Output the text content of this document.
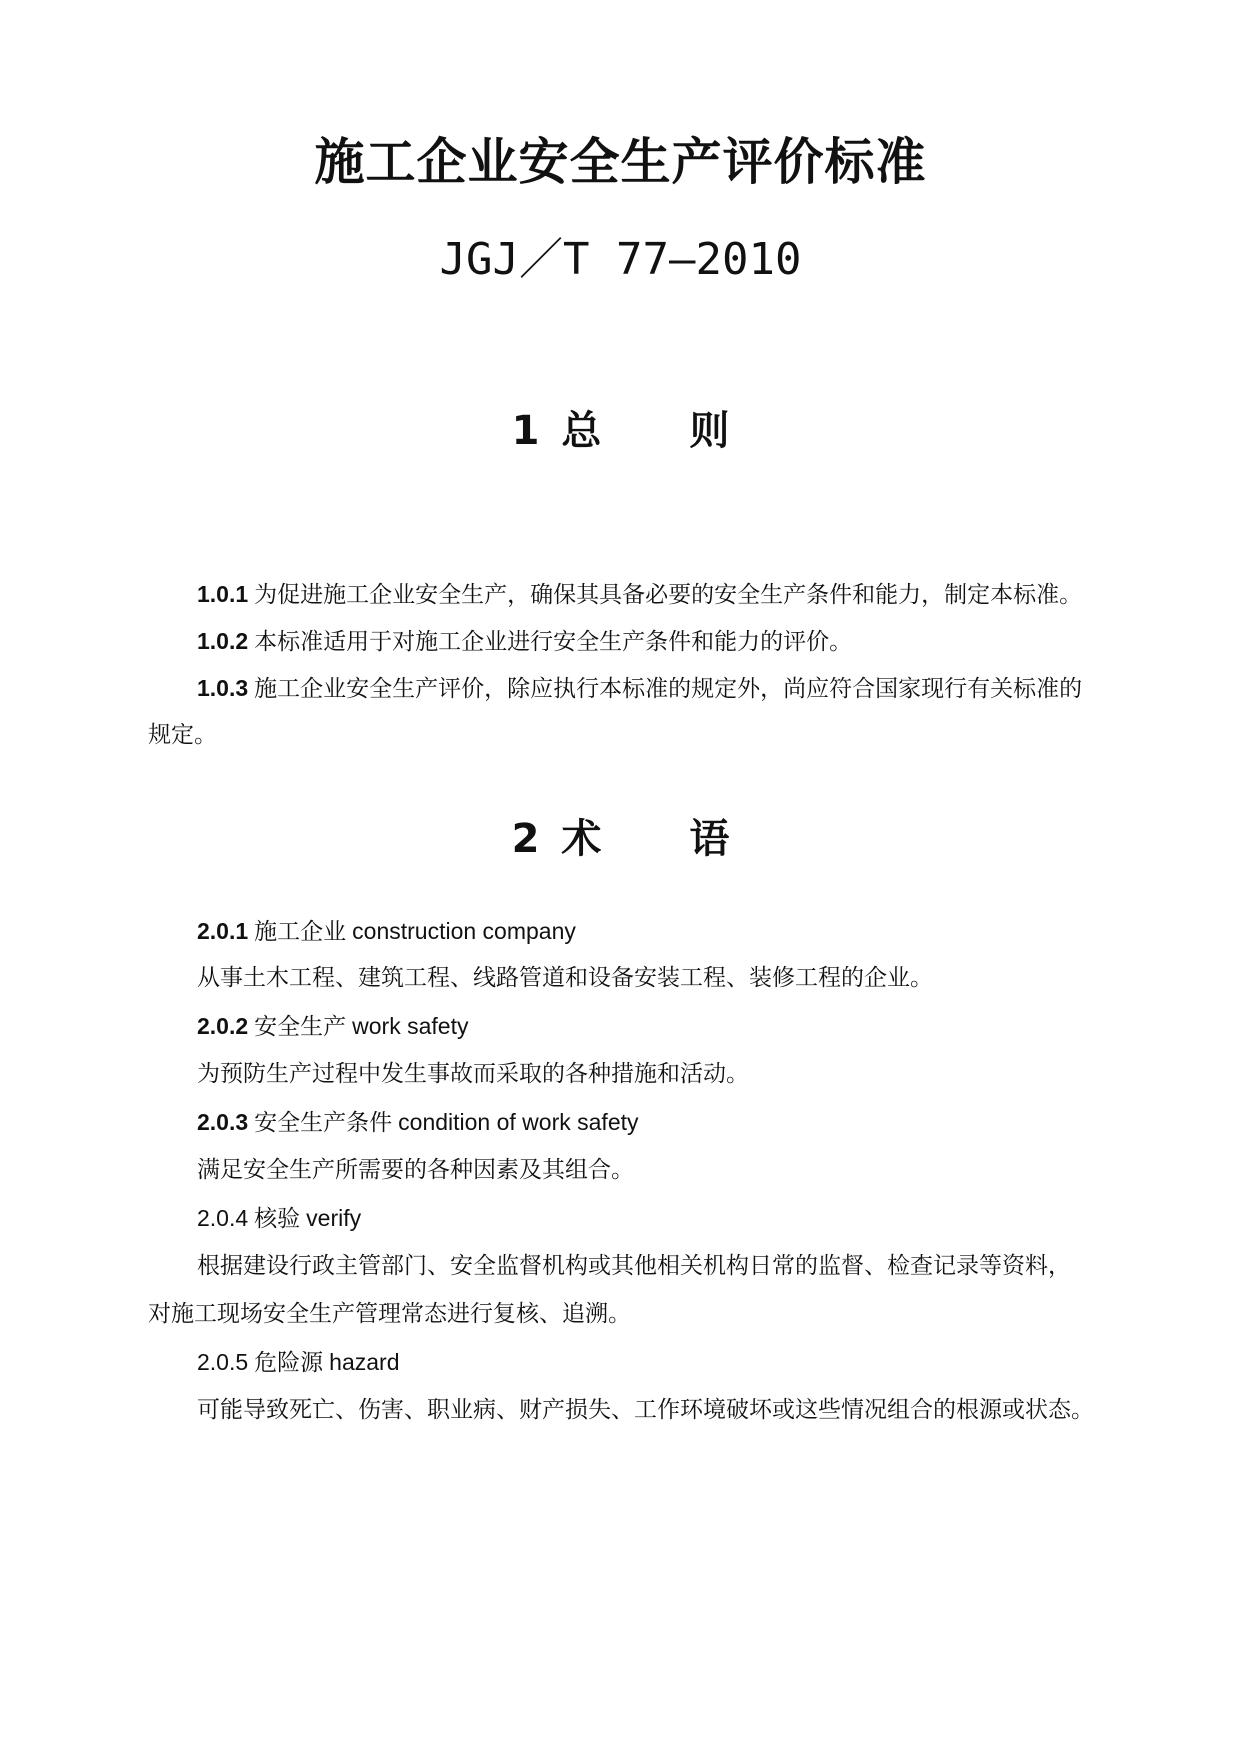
施工企业安全生产评价标准
JGJ／T 77—2010
1 总 则
1.0.1 为促进施工企业安全生产，确保其具备必要的安全生产条件和能力，制定本标准。
1.0.2 本标准适用于对施工企业进行安全生产条件和能力的评价。
1.0.3 施工企业安全生产评价，除应执行本标准的规定外，尚应符合国家现行有关标准的
规定。
2 术 语
2.0.1 施工企业 construction company
从事土木工程、建筑工程、线路管道和设备安装工程、装修工程的企业。
2.0.2 安全生产 work safety
为预防生产过程中发生事故而采取的各种措施和活动。
2.0.3 安全生产条件 condition of work safety
满足安全生产所需要的各种因素及其组合。
2.0.4 核验 verify
根据建设行政主管部门、安全监督机构或其他相关机构日常的监督、检查记录等资料，
对施工现场安全生产管理常态进行复核、追溯。
2.0.5 危险源 hazard
可能导致死亡、伤害、职业病、财产损失、工作环境破坏或这些情况组合的根源或状态。
